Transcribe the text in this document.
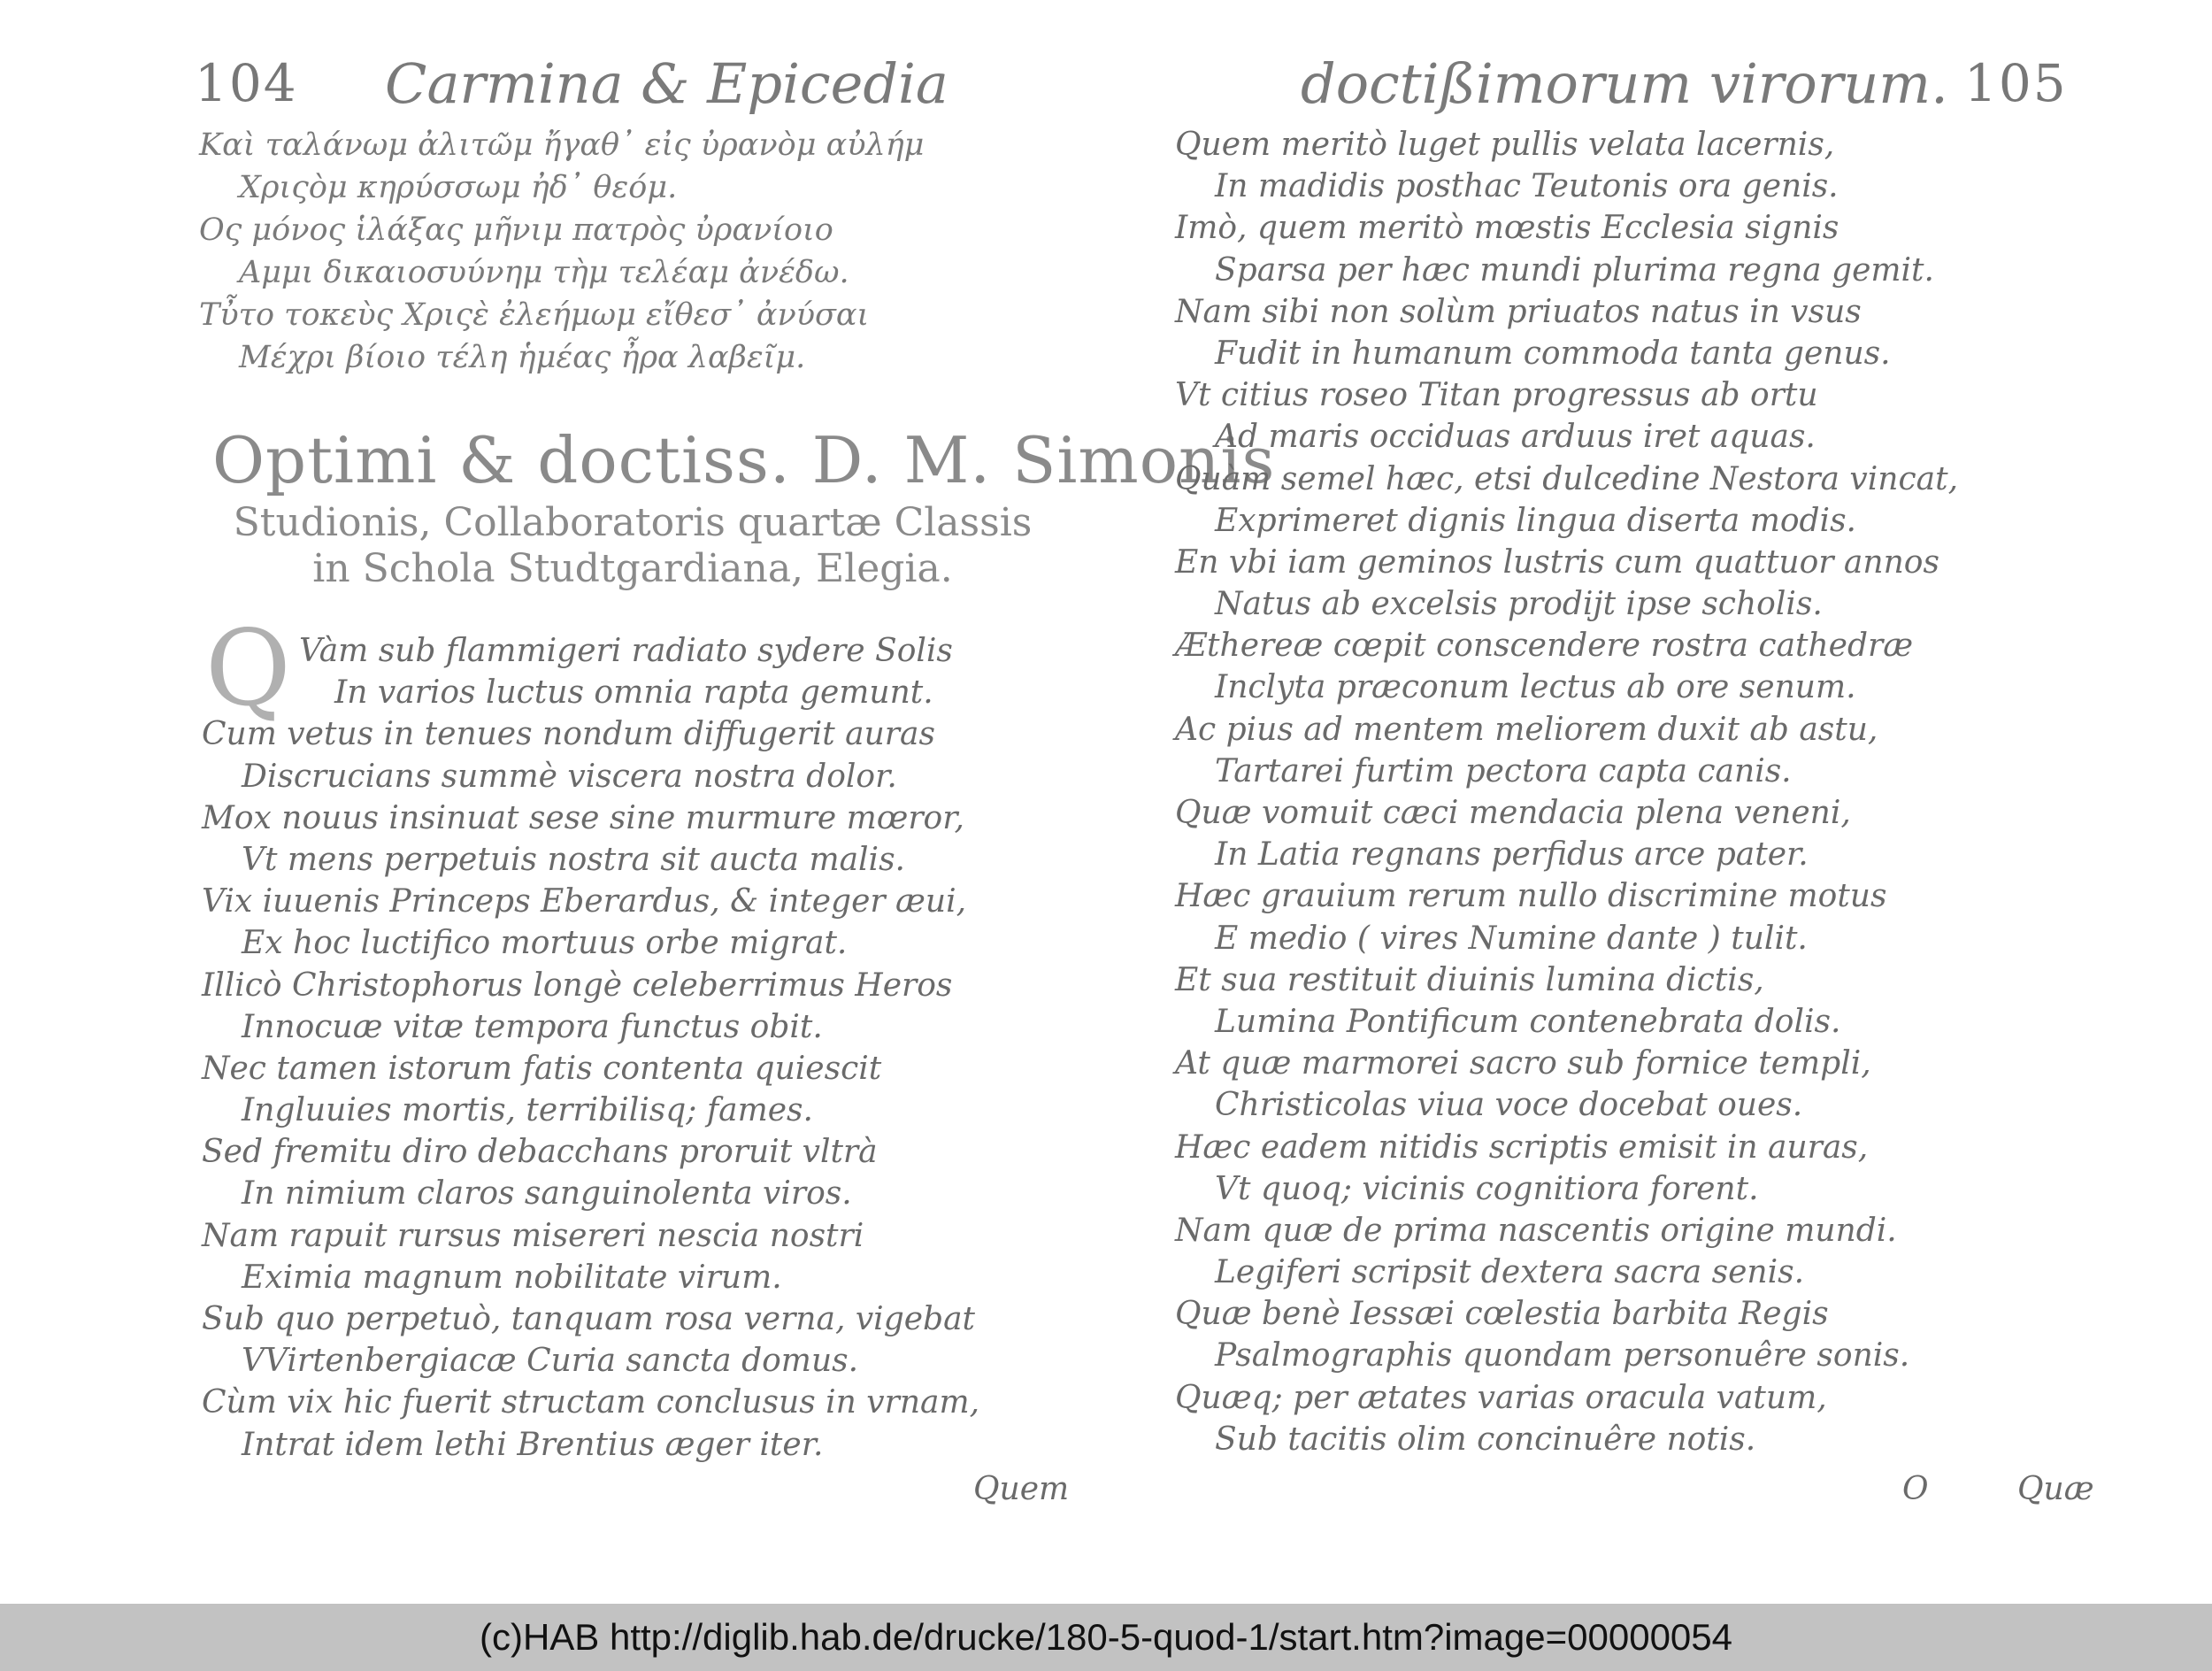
104 Carmina & Epicedia
Καὶ ταλάνωμ ἀλιτῶμ ἤγαθ᾽ εἰς ὐρανὸμ αὐλήμ
Χριςὸμ κηρύσσωμ ἠδ᾽ θεόμ.
Ος μόνος ἱλάξας μῆνιμ πατρὸς ὐρανίοιο
Αμμι δικαιοσυύνημ τὴμ τελέαμ ἀνέδω.
Τὖτο τοκεὺς Χριςὲ ἐλεήμωμ εἴθεσ᾽ ἀνύσαι
Μέχρι βίοιο τέλη ἡμέας ἦρα λαβεῖμ.
Optimi & doctiss. D. M. Simonis
Studionis, Collaboratoris quartæ Classis
in Schola Studtgardiana, Elegia.
Q Vàm sub flammigeri radiato sydere Solis
In varios luctus omnia rapta gemunt.
Cum vetus in tenues nondum diffugerit auras
Discrucians summè viscera nostra dolor.
Mox nouus insinuat sese sine murmure mœror,
Vt mens perpetuis nostra sit aucta malis.
Vix iuuenis Princeps Eberardus, & integer æui,
Ex hoc luctifico mortuus orbe migrat.
Illicò Christophorus longè celeberrimus Heros
Innocuæ vitæ tempora functus obit.
Nec tamen istorum fatis contenta quiescit
Ingluuies mortis, terribilisq; fames.
Sed fremitu diro debacchans proruit vltrà
In nimium claros sanguinolenta viros.
Nam rapuit rursus misereri nescia nostri
Eximia magnum nobilitate virum.
Sub quo perpetuò, tanquam rosa verna, vigebat
VVirtenbergiacæ Curia sancta domus.
Cùm vix hic fuerit structam conclusus in vrnam,
Intrat idem lethi Brentius æger iter.
Quem
doctißimorum virorum. 105
Quem meritò luget pullis velata lacernis,
In madidis posthac Teutonis ora genis.
Imò, quem meritò mœstis Ecclesia signis
Sparsa per hæc mundi plurima regna gemit.
Nam sibi non solùm priuatos natus in vsus
Fudit in humanum commoda tanta genus.
Vt citius roseo Titan progressus ab ortu
Ad maris occiduas arduus iret aquas.
Quàm semel hæc, etsi dulcedine Nestora vincat,
Exprimeret dignis lingua diserta modis.
En vbi iam geminos lustris cum quattuor annos
Natus ab excelsis prodijt ipse scholis.
Æthereæ cœpit conscendere rostra cathedræ
Inclyta præconum lectus ab ore senum.
Ac pius ad mentem meliorem duxit ab astu,
Tartarei furtim pectora capta canis.
Quæ vomuit cæci mendacia plena veneni,
In Latia regnans perfidus arce pater.
Hæc grauium rerum nullo discrimine motus
E medio ( vires Numine dante ) tulit.
Et sua restituit diuinis lumina dictis,
Lumina Pontificum contenebrata dolis.
At quæ marmorei sacro sub fornice templi,
Christicolas viua voce docebat oues.
Hæc eadem nitidis scriptis emisit in auras,
Vt quoq; vicinis cognitiora forent.
Nam quæ de prima nascentis origine mundi.
Legiferi scripsit dextera sacra senis.
Quæ benè Iessæi cœlestia barbita Regis
Psalmographis quondam personuêre sonis.
Quæq; per ætates varias oracula vatum,
Sub tacitis olim concinuêre notis.
O	Quæ
(c)HAB http://diglib.hab.de/drucke/180-5-quod-1/start.htm?image=00000054
